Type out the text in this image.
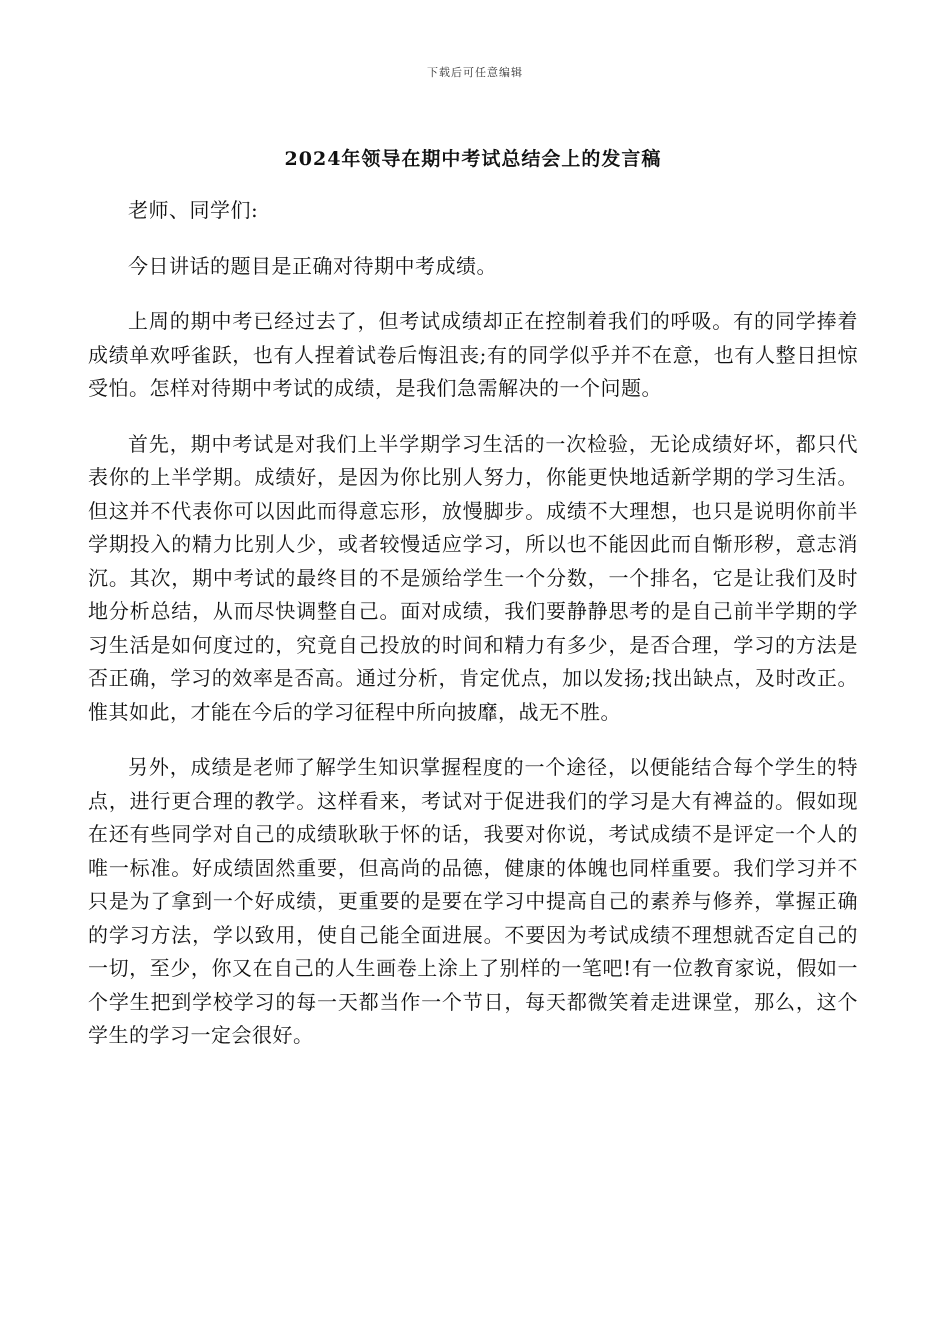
下载后可任意编辑
2024年领导在期中考试总结会上的发言稿

老师、同学们:

今日讲话的题目是正确对待期中考成绩。

上周的期中考已经过去了，但考试成绩却正在控制着我们的呼吸。有的同学捧着成绩单欢呼雀跃，也有人捏着试卷后悔沮丧;有的同学似乎并不在意，也有人整日担惊受怕。怎样对待期中考试的成绩，是我们急需解决的一个问题。

首先，期中考试是对我们上半学期学习生活的一次检验，无论成绩好坏，都只代表你的上半学期。成绩好，是因为你比别人努力，你能更快地适新学期的学习生活。但这并不代表你可以因此而得意忘形，放慢脚步。成绩不大理想，也只是说明你前半学期投入的精力比别人少，或者较慢适应学习，所以也不能因此而自惭形秽，意志消沉。其次，期中考试的最终目的不是颁给学生一个分数，一个排名，它是让我们及时地分析总结，从而尽快调整自己。面对成绩，我们要静静思考的是自己前半学期的学习生活是如何度过的，究竟自己投放的时间和精力有多少，是否合理，学习的方法是否正确，学习的效率是否高。通过分析，肯定优点，加以发扬;找出缺点，及时改正。惟其如此，才能在今后的学习征程中所向披靡，战无不胜。

另外，成绩是老师了解学生知识掌握程度的一个途径，以便能结合每个学生的特点，进行更合理的教学。这样看来，考试对于促进我们的学习是大有裨益的。假如现在还有些同学对自己的成绩耿耿于怀的话，我要对你说，考试成绩不是评定一个人的唯一标准。好成绩固然重要，但高尚的品德，健康的体魄也同样重要。我们学习并不只是为了拿到一个好成绩，更重要的是要在学习中提高自己的素养与修养，掌握正确的学习方法，学以致用，使自己能全面进展。不要因为考试成绩不理想就否定自己的一切，至少，你又在自己的人生画卷上涂上了别样的一笔吧!有一位教育家说，假如一个学生把到学校学习的每一天都当作一个节日，每天都微笑着走进课堂，那么，这个学生的学习一定会很好。
